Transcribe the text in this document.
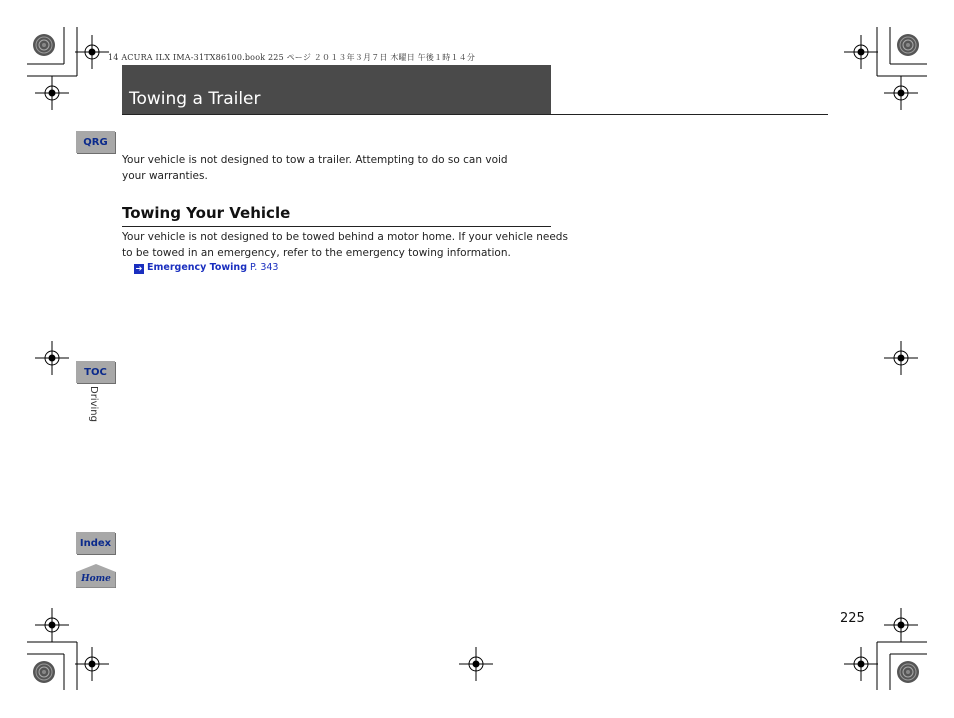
14 ACURA ILX IMA-31TX86100.book 225 ページ ２０１３年３月７日 木曜日 午後１時１４分
Towing a Trailer
QRG
TOC
Driving
Index
Home
Your vehicle is not designed to tow a trailer. Attempting to do so can void
your warranties.
Towing Your Vehicle
Your vehicle is not designed to be towed behind a motor home. If your vehicle needs
to be towed in an emergency, refer to the emergency towing information.
➔ Emergency Towing P. 343
225
